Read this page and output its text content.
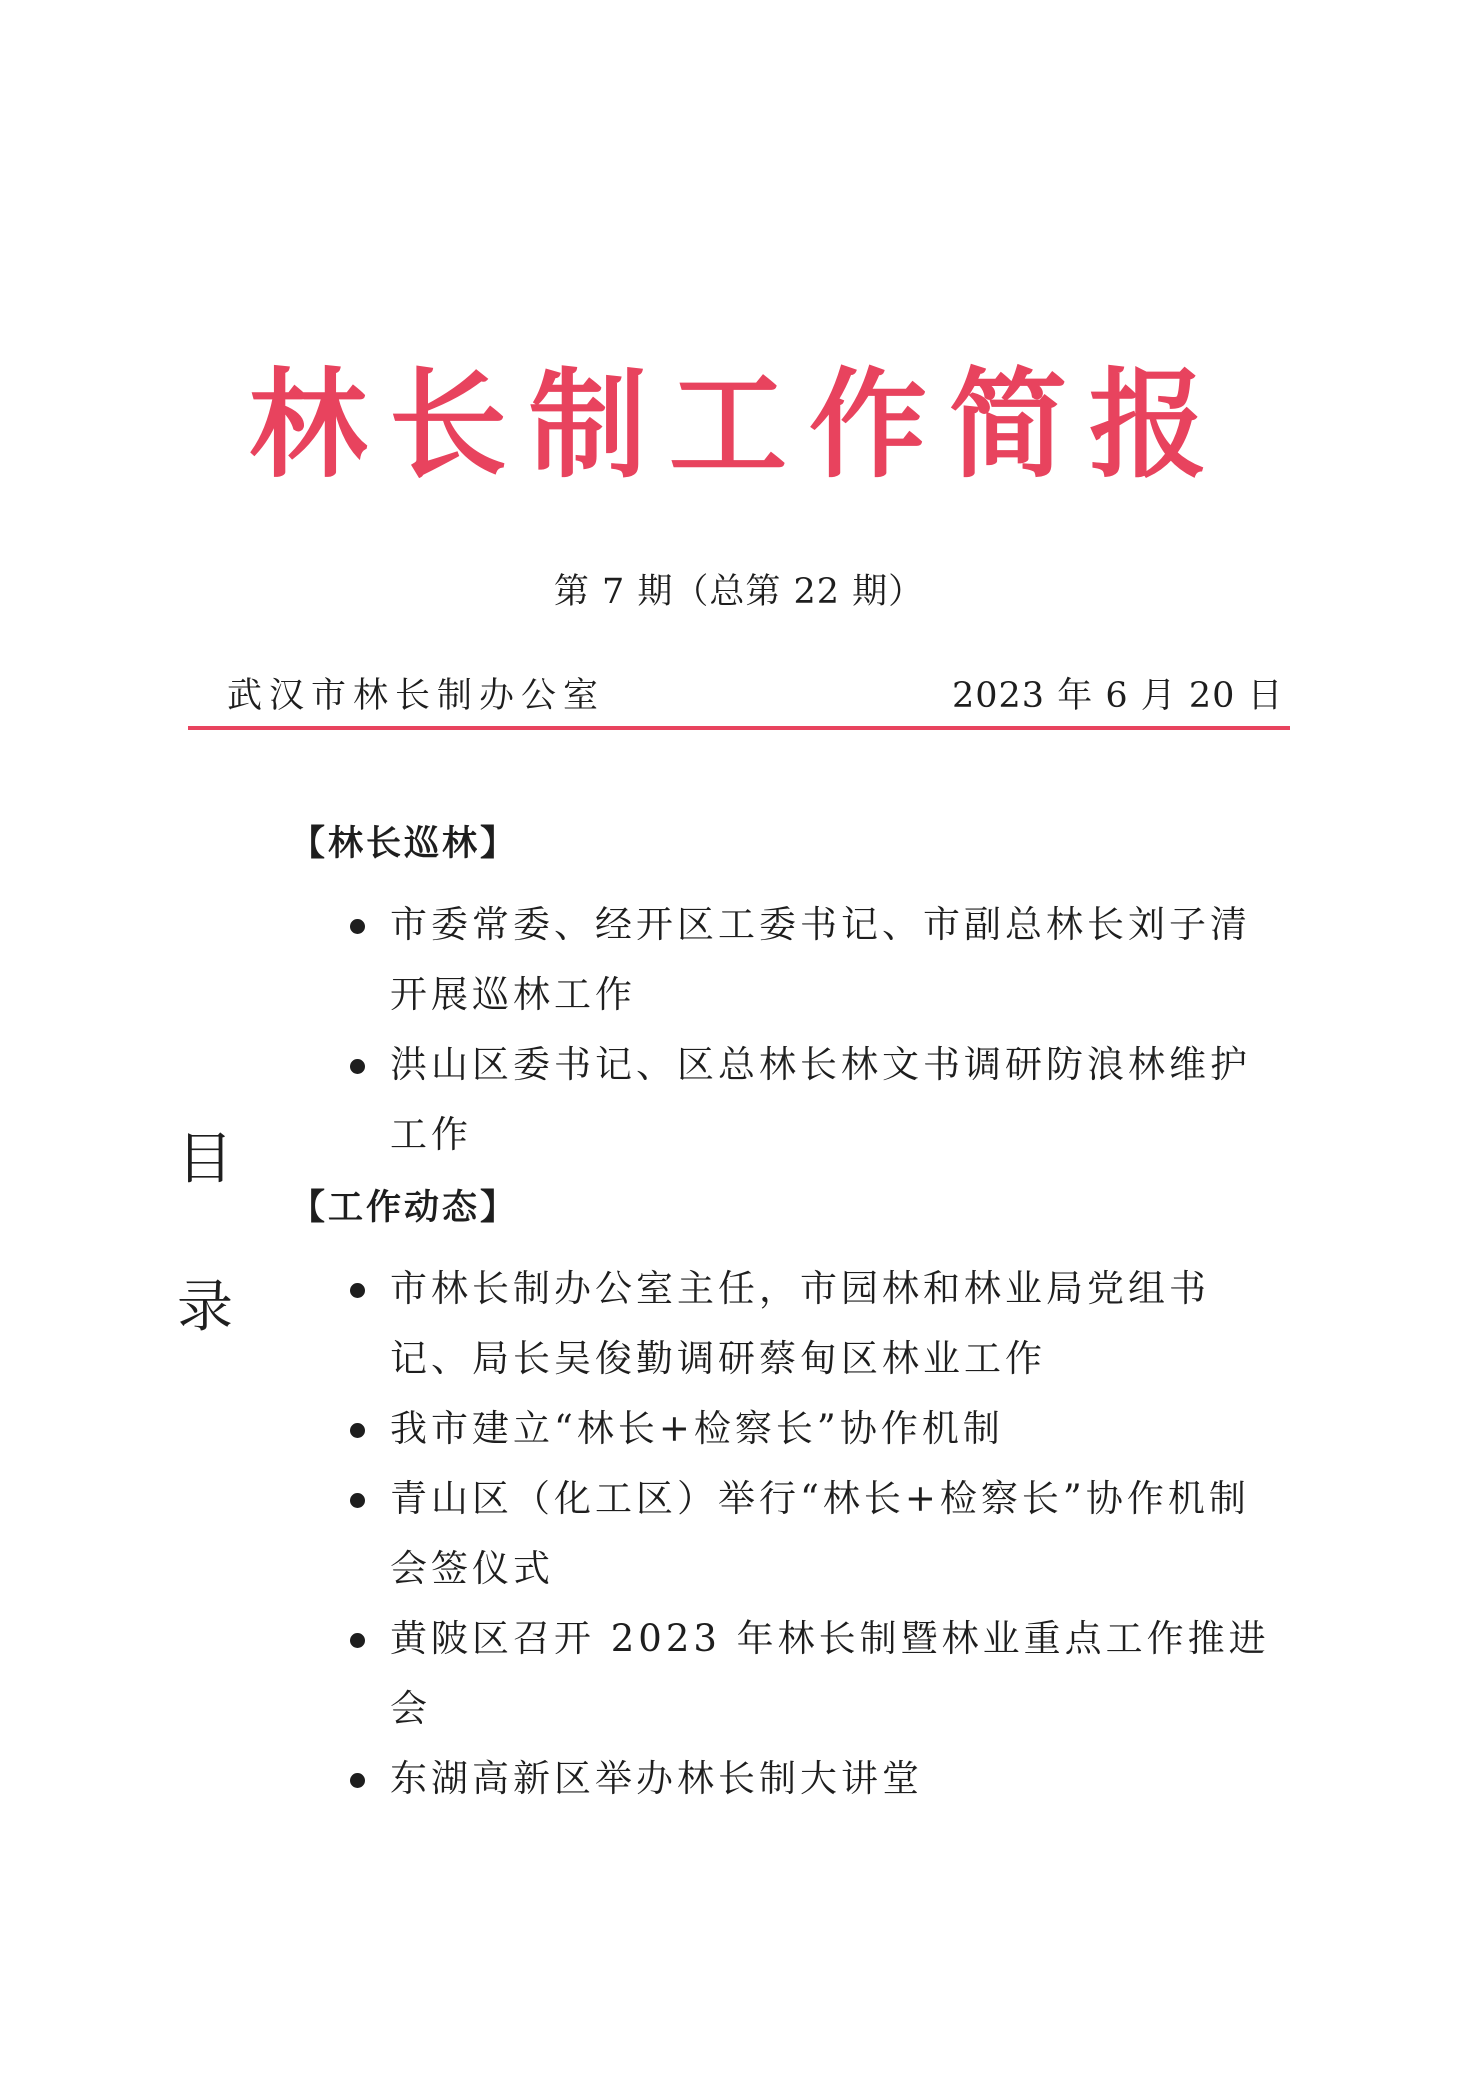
林长制工作简报
第 7 期（总第 22 期）
武汉市林长制办公室	2023 年 6 月 20 日
目
录
【林长巡林】
市委常委、经开区工委书记、市副总林长刘子清开展巡林工作
洪山区委书记、区总林长林文书调研防浪林维护工作
【工作动态】
市林长制办公室主任，市园林和林业局党组书记、局长吴俊勤调研蔡甸区林业工作
我市建立“林长+检察长”协作机制
青山区（化工区）举行“林长+检察长”协作机制会签仪式
黄陂区召开 2023 年林长制暨林业重点工作推进会
东湖高新区举办林长制大讲堂
